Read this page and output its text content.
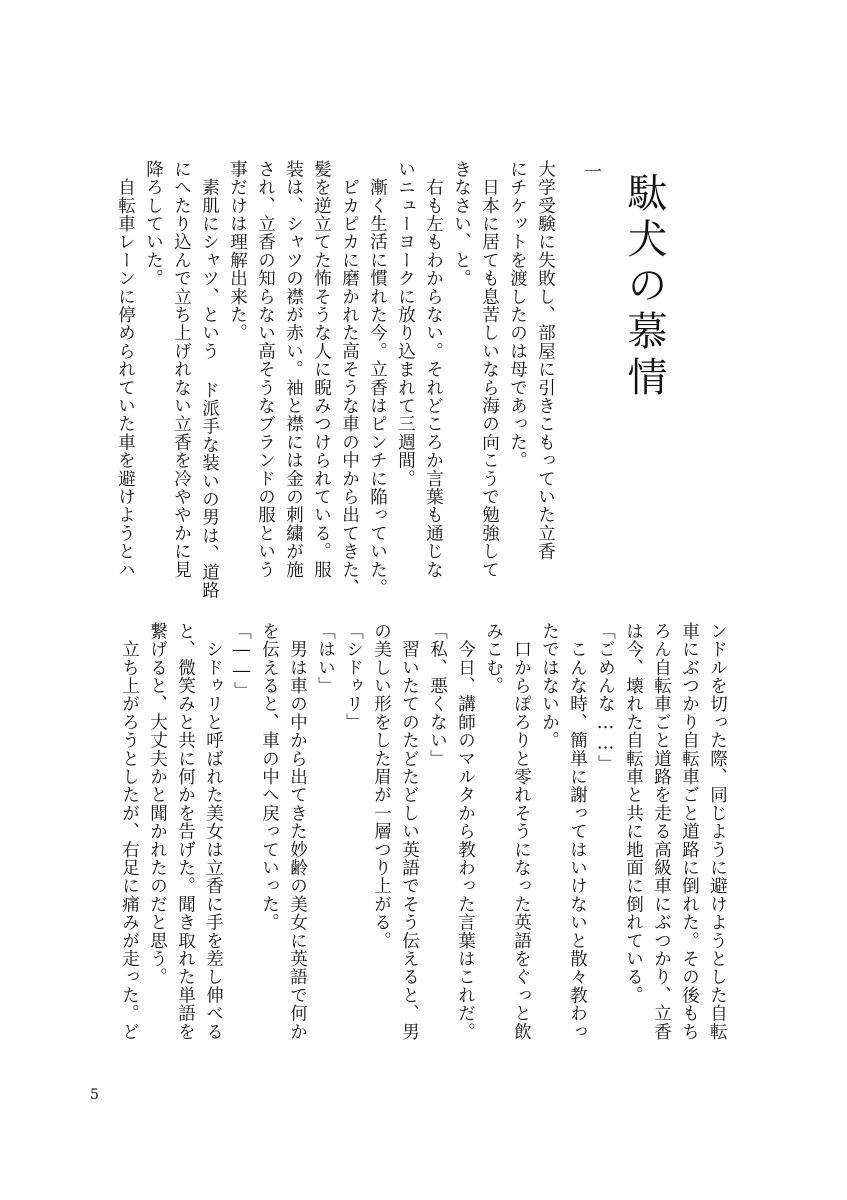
駄犬の慕情

一

大学受験に失敗し、部屋に引きこもっていた立香

にチケットを渡したのは母であった。

　日本に居ても息苦しいなら海の向こうで勉強して

きなさい、と。

　右も左もわからない。それどころか言葉も通じな

いニューヨークに放り込まれて三週間。

　漸く生活に慣れた今。立香はピンチに陥っていた。

　ピカピカに磨かれた高そうな車の中から出てきた、

髪を逆立てた怖そうな人に睨みつけられている。服

装は、シャツの襟が赤い。袖と襟には金の刺繍が施

され、立香の知らない高そうなブランドの服という

事だけは理解出来た。

　素肌にシャツ、という ド派手な装いの男は、道路

にへたり込んで立ち上げれない立香を冷ややかに見

降ろしていた。

　自転車レーンに停められていた車を避けようとハ

ンドルを切った際、同じように避けようとした自転

車にぶつかり自転車ごと道路に倒れた。その後もち

ろん自転車ごと道路を走る高級車にぶつかり、立香

は今、壊れた自転車と共に地面に倒れている。

「ごめんな……」

　こんな時、簡単に謝ってはいけないと散々教わっ

たではないか。

　口からぽろりと零れそうになった英語をぐっと飲

みこむ。

　今日、講師のマルタから教わった言葉はこれだ。

「私、悪くない」

　習いたてのたどたどしい英語でそう伝えると、男

の美しい形をした眉が一層つり上がる。

「シドゥリ」

「はい」

　男は車の中から出てきた妙齢の美女に英語で何か

を伝えると、車の中へ戻っていった。

「――」

　シドゥリと呼ばれた美女は立香に手を差し伸べる

と、微笑みと共に何かを告げた。聞き取れた単語を

繋げると、大丈夫かと聞かれたのだと思う。

　立ち上がろうとしたが、右足に痛みが走った。ど

5
